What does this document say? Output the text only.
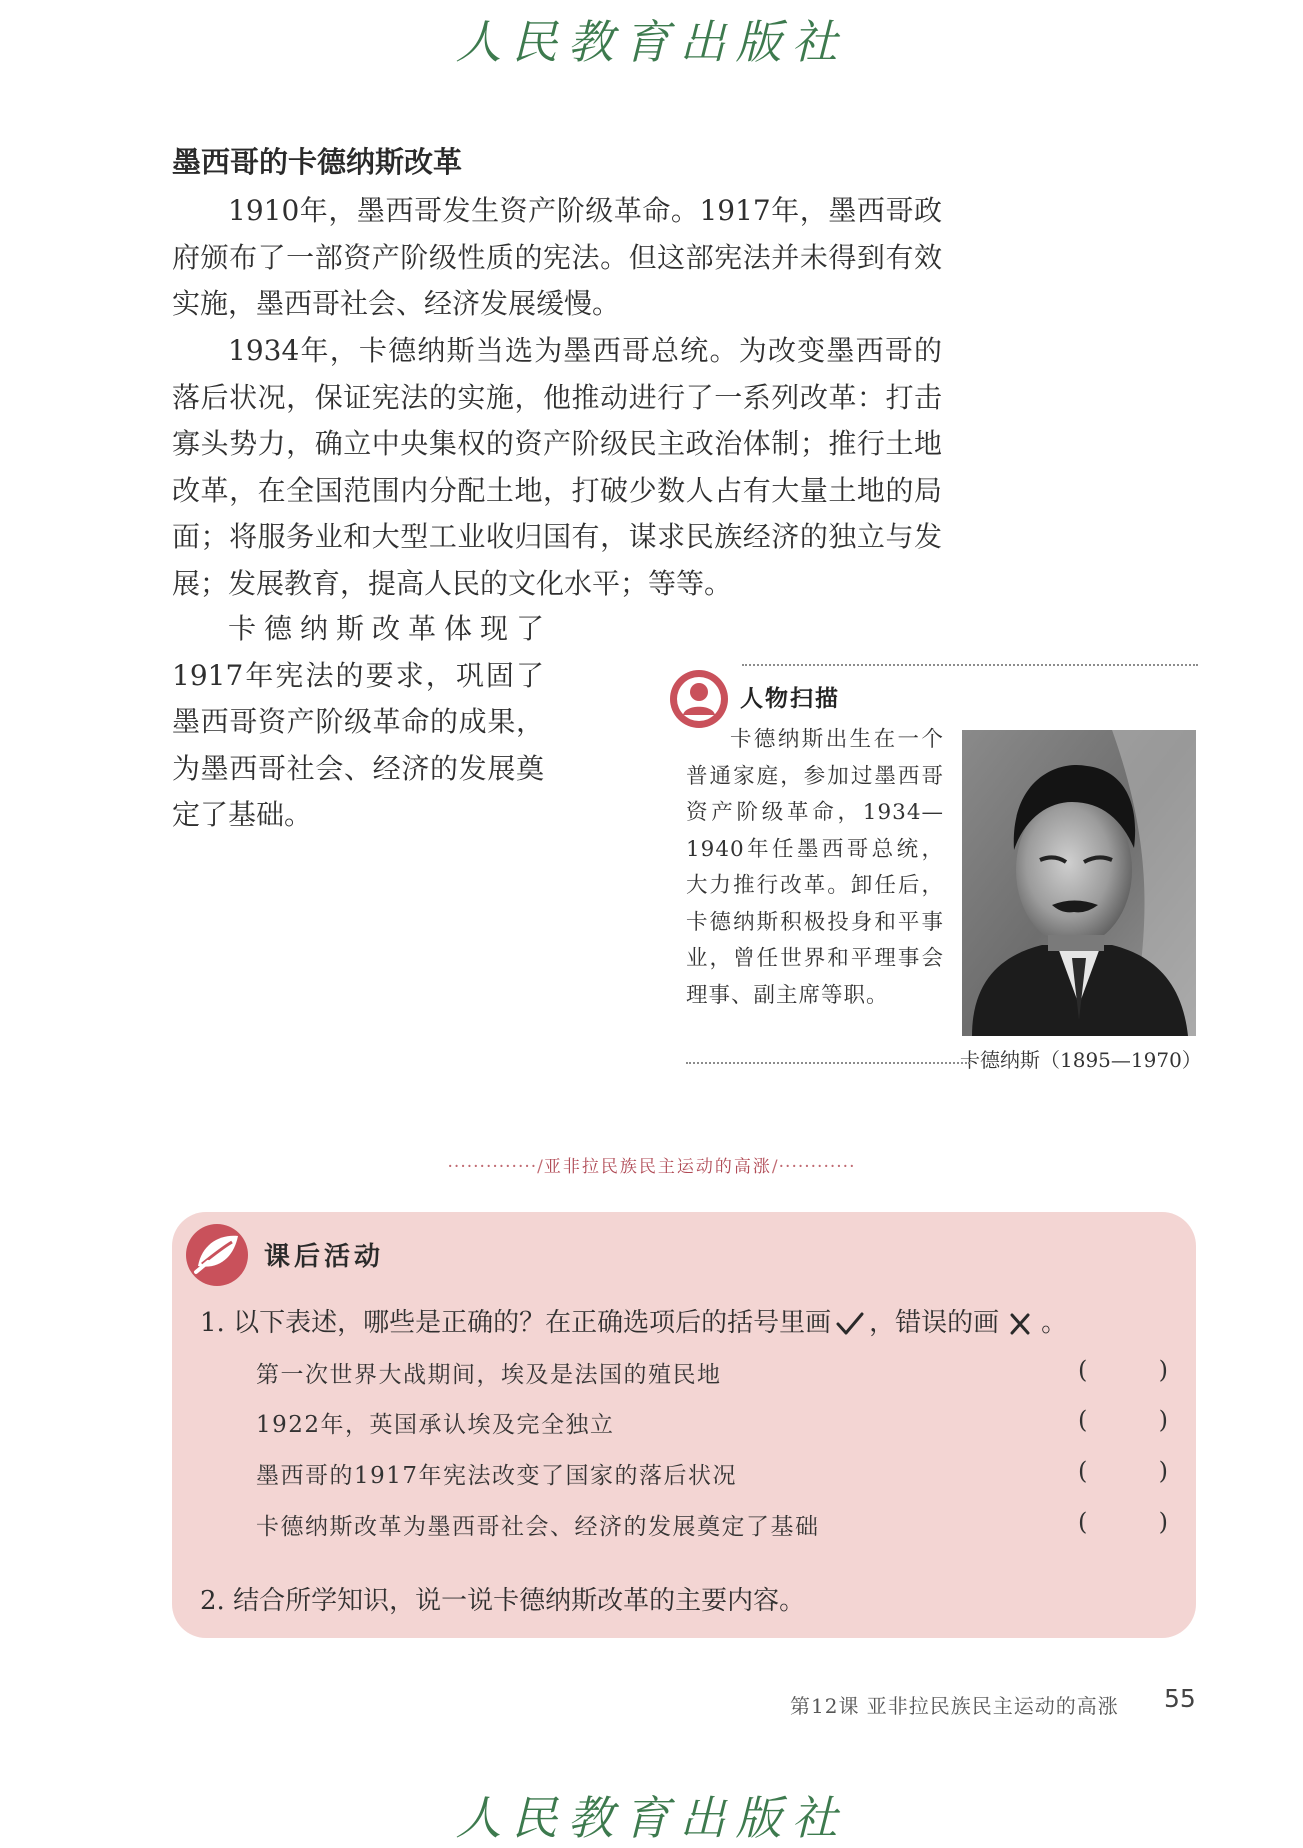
人民教育出版社
墨西哥的卡德纳斯改革

1910年，墨西哥发生资产阶级革命。1917年，墨西哥政府颁布了一部资产阶级性质的宪法。但这部宪法并未得到有效实施，墨西哥社会、经济发展缓慢。

1934年，卡德纳斯当选为墨西哥总统。为改变墨西哥的落后状况，保证宪法的实施，他推动进行了一系列改革：打击寡头势力，确立中央集权的资产阶级民主政治体制；推行土地改革，在全国范围内分配土地，打破少数人占有大量土地的局面；将服务业和大型工业收归国有，谋求民族经济的独立与发展；发展教育，提高人民的文化水平；等等。

卡德纳斯改革体现了1917年宪法的要求，巩固了墨西哥资产阶级革命的成果，为墨西哥社会、经济的发展奠定了基础。

人物扫描

卡德纳斯出生在一个普通家庭，参加过墨西哥资产阶级革命，1934—1940年任墨西哥总统，大力推行改革。卸任后，卡德纳斯积极投身和平事业，曾任世界和平理事会理事、副主席等职。

卡德纳斯（1895—1970）
··············/亚非拉民族民主运动的高涨/············
课后活动
1. 以下表述，哪些是正确的？在正确选项后的括号里画 ，错误的画 。
第一次世界大战期间，埃及是法国的殖民地	(	)
1922年，英国承认埃及完全独立	(	)
墨西哥的1917年宪法改变了国家的落后状况	(	)
卡德纳斯改革为墨西哥社会、经济的发展奠定了基础	(	)
2. 结合所学知识，说一说卡德纳斯改革的主要内容。
第12课 亚非拉民族民主运动的高涨 55
人民教育出版社
